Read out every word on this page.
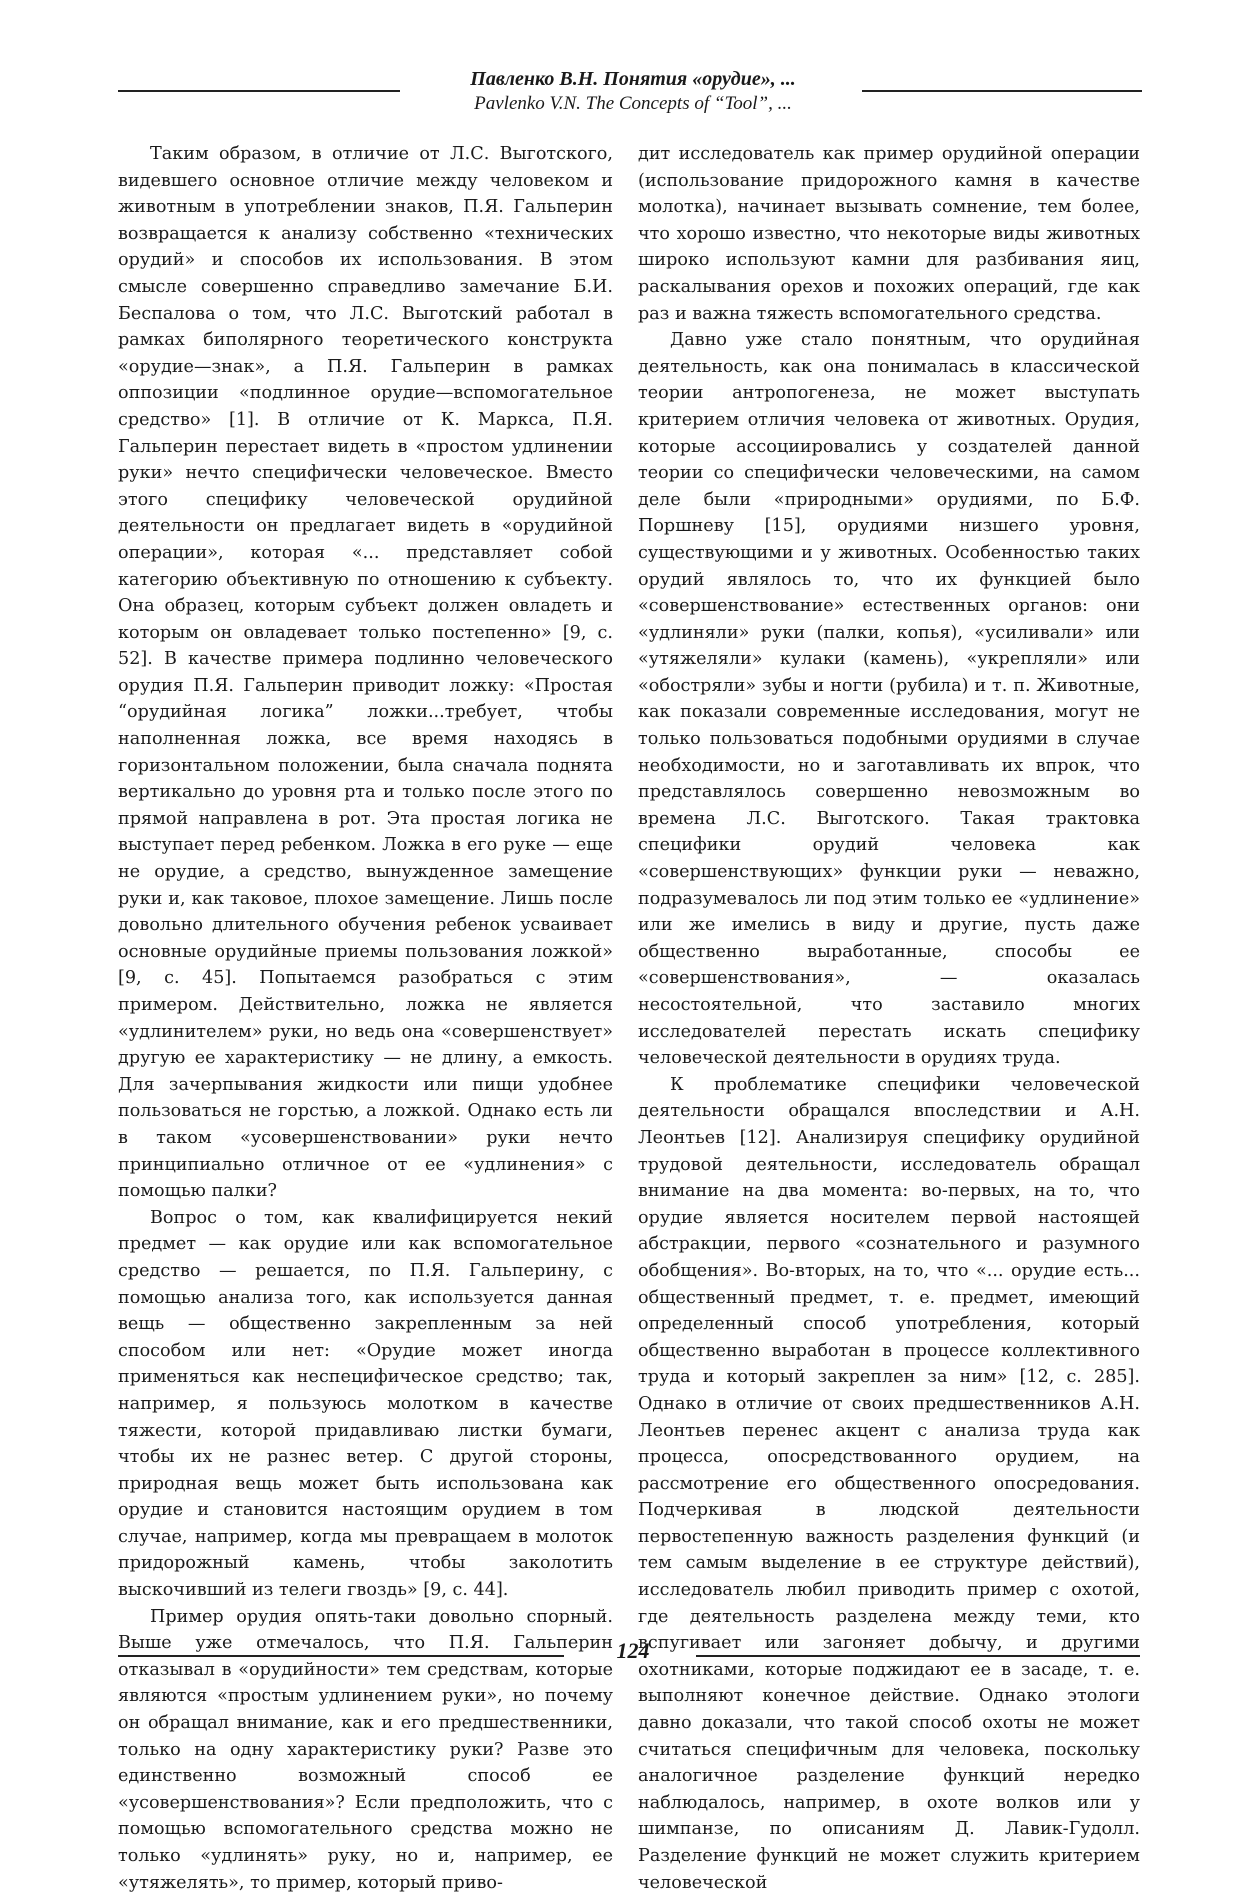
Павленко В.Н. Понятия «орудие», ...
Pavlenko V.N. The Concepts of “Tool”, ...

Таким образом, в отличие от Л.С. Выготского, видевшего основное отличие между человеком и животным в употреблении знаков, П.Я. Гальперин возвращается к анализу собственно «технических орудий» и способов их использования. В этом смысле совершенно справедливо замечание Б.И. Беспалова о том, что Л.С. Выготский работал в рамках биполярного теоретического конструкта «орудие—знак», а П.Я. Гальперин в рамках оппозиции «подлинное орудие—вспомогательное средство» [1]. В отличие от К. Маркса, П.Я. Гальперин перестает видеть в «простом удлинении руки» нечто специфически человеческое. Вместо этого специфику человеческой орудийной деятельности он предлагает видеть в «орудийной операции», которая «... представляет собой категорию объективную по отношению к субъекту. Она образец, которым субъект должен овладеть и которым он овладевает только постепенно» [9, с. 52]. В качестве примера подлинно человеческого орудия П.Я. Гальперин приводит ложку: «Простая “орудийная логика” ложки...требует, чтобы наполненная ложка, все время находясь в горизонтальном положении, была сначала поднята вертикально до уровня рта и только после этого по прямой направлена в рот. Эта простая логика не выступает перед ребенком. Ложка в его руке — еще не орудие, а средство, вынужденное замещение руки и, как таковое, плохое замещение. Лишь после довольно длительного обучения ребенок усваивает основные орудийные приемы пользования ложкой» [9, с. 45]. Попытаемся разобраться с этим примером. Действительно, ложка не является «удлинителем» руки, но ведь она «совершенствует» другую ее характеристику — не длину, а емкость. Для зачерпывания жидкости или пищи удобнее пользоваться не горстью, а ложкой. Однако есть ли в таком «усовершенствовании» руки нечто принципиально отличное от ее «удлинения» с помощью палки?

Вопрос о том, как квалифицируется некий предмет — как орудие или как вспомогательное средство — решается, по П.Я. Гальперину, с помощью анализа того, как используется данная вещь — общественно закрепленным за ней способом или нет: «Орудие может иногда применяться как неспецифическое средство; так, например, я пользуюсь молотком в качестве тяжести, которой придавливаю листки бумаги, чтобы их не разнес ветер. С другой стороны, природная вещь может быть использована как орудие и становится настоящим орудием в том случае, например, когда мы превращаем в молоток придорожный камень, чтобы заколотить выскочивший из телеги гвоздь» [9, с. 44].

Пример орудия опять-таки довольно спорный. Выше уже отмечалось, что П.Я. Гальперин отказывал в «орудийности» тем средствам, которые являются «простым удлинением руки», но почему он обращал внимание, как и его предшественники, только на одну характеристику руки? Разве это единственно возможный способ ее «усовершенствования»? Если предположить, что с помощью вспомогательного средства можно не только «удлинять» руку, но и, например, ее «утяжелять», то пример, который приво-

дит исследователь как пример орудийной операции (использование придорожного камня в качестве молотка), начинает вызывать сомнение, тем более, что хорошо известно, что некоторые виды животных широко используют камни для разбивания яиц, раскалывания орехов и похожих операций, где как раз и важна тяжесть вспомогательного средства.

Давно уже стало понятным, что орудийная деятельность, как она понималась в классической теории антропогенеза, не может выступать критерием отличия человека от животных. Орудия, которые ассоциировались у создателей данной теории со специфически человеческими, на самом деле были «природными» орудиями, по Б.Ф. Поршневу [15], орудиями низшего уровня, существующими и у животных. Особенностью таких орудий являлось то, что их функцией было «совершенствование» естественных органов: они «удлиняли» руки (палки, копья), «усиливали» или «утяжеляли» кулаки (камень), «укрепляли» или «обостряли» зубы и ногти (рубила) и т. п. Животные, как показали современные исследования, могут не только пользоваться подобными орудиями в случае необходимости, но и заготавливать их впрок, что представлялось совершенно невозможным во времена Л.С. Выготского. Такая трактовка специфики орудий человека как «совершенствующих» функции руки — неважно, подразумевалось ли под этим только ее «удлинение» или же имелись в виду и другие, пусть даже общественно выработанные, способы ее «совершенствования», — оказалась несостоятельной, что заставило многих исследователей перестать искать специфику человеческой деятельности в орудиях труда.

К проблематике специфики человеческой деятельности обращался впоследствии и А.Н. Леонтьев [12]. Анализируя специфику орудийной трудовой деятельности, исследователь обращал внимание на два момента: во-первых, на то, что орудие является носителем первой настоящей абстракции, первого «сознательного и разумного обобщения». Во-вторых, на то, что «... орудие есть... общественный предмет, т. е. предмет, имеющий определенный способ употребления, который общественно выработан в процессе коллективного труда и который закреплен за ним» [12, с. 285]. Однако в отличие от своих предшественников А.Н. Леонтьев перенес акцент с анализа труда как процесса, опосредствованного орудием, на рассмотрение его общественного опосредования. Подчеркивая в людской деятельности первостепенную важность разделения функций (и тем самым выделение в ее структуре действий), исследователь любил приводить пример с охотой, где деятельность разделена между теми, кто вспугивает или загоняет добычу, и другими охотниками, которые поджидают ее в засаде, т. е. выполняют конечное действие. Однако этологи давно доказали, что такой способ охоты не может считаться специфичным для человека, поскольку аналогичное разделение функций нередко наблюдалось, например, в охоте волков или у шимпанзе, по описаниям Д. Лавик-Гудолл. Разделение функций не может служить критерием человеческой

124
